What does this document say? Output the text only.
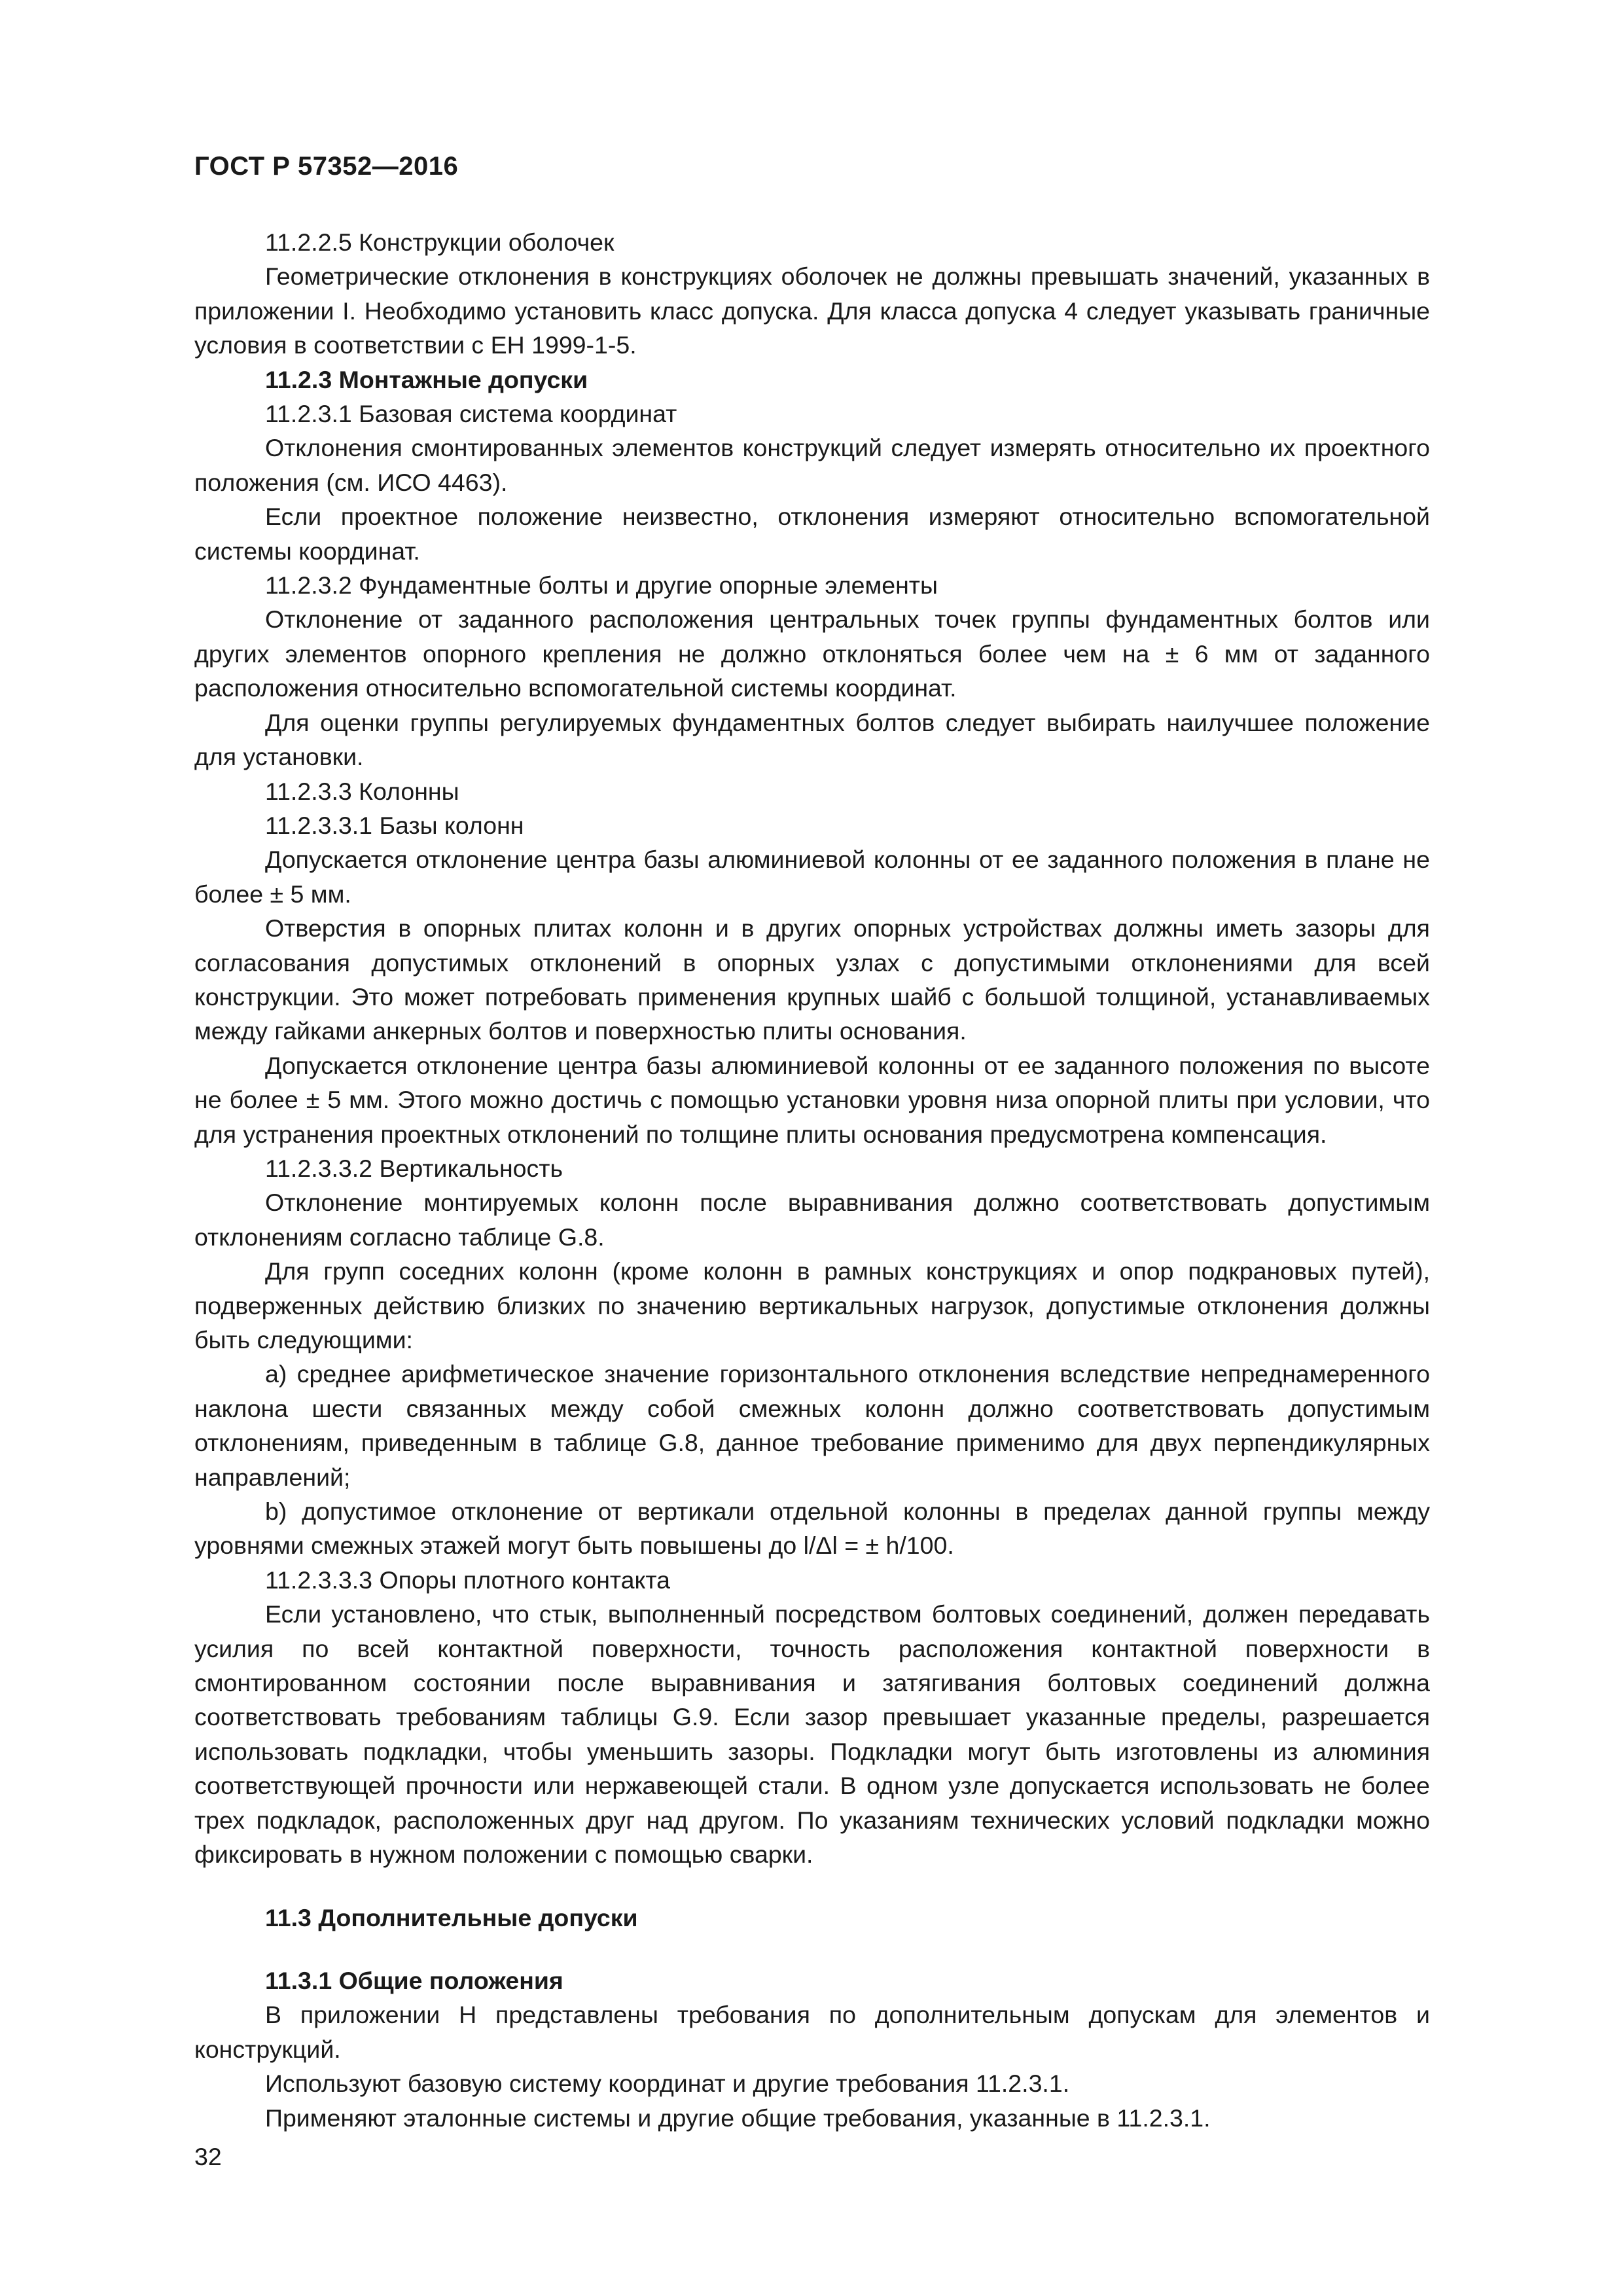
ГОСТ Р 57352—2016

11.2.2.5 Конструкции оболочек

Геометрические отклонения в конструкциях оболочек не должны превышать значений, указанных в приложении I. Необходимо установить класс допуска. Для класса допуска 4 следует указывать граничные условия в соответствии с ЕН 1999-1-5.

11.2.3 Монтажные допуски

11.2.3.1 Базовая система координат

Отклонения смонтированных элементов конструкций следует измерять относительно их проектного положения (см. ИСО 4463).

Если проектное положение неизвестно, отклонения измеряют относительно вспомогательной системы координат.

11.2.3.2 Фундаментные болты и другие опорные элементы

Отклонение от заданного расположения центральных точек группы фундаментных болтов или других элементов опорного крепления не должно отклоняться более чем на ± 6 мм от заданного расположения относительно вспомогательной системы координат.

Для оценки группы регулируемых фундаментных болтов следует выбирать наилучшее положение для установки.

11.2.3.3 Колонны

11.2.3.3.1 Базы колонн

Допускается отклонение центра базы алюминиевой колонны от ее заданного положения в плане не более ± 5 мм.

Отверстия в опорных плитах колонн и в других опорных устройствах должны иметь зазоры для согласования допустимых отклонений в опорных узлах с допустимыми отклонениями для всей конструкции. Это может потребовать применения крупных шайб с большой толщиной, устанавливаемых между гайками анкерных болтов и поверхностью плиты основания.

Допускается отклонение центра базы алюминиевой колонны от ее заданного положения по высоте не более ± 5 мм. Этого можно достичь с помощью установки уровня низа опорной плиты при условии, что для устранения проектных отклонений по толщине плиты основания предусмотрена компенсация.

11.2.3.3.2 Вертикальность

Отклонение монтируемых колонн после выравнивания должно соответствовать допустимым отклонениям согласно таблице G.8.

Для групп соседних колонн (кроме колонн в рамных конструкциях и опор подкрановых путей), подверженных действию близких по значению вертикальных нагрузок, допустимые отклонения должны быть следующими:

a) среднее арифметическое значение горизонтального отклонения вследствие непреднамеренного наклона шести связанных между собой смежных колонн должно соответствовать допустимым отклонениям, приведенным в таблице G.8, данное требование применимо для двух перпендикулярных направлений;

b) допустимое отклонение от вертикали отдельной колонны в пределах данной группы между уровнями смежных этажей могут быть повышены до l/Δl = ± h/100.

11.2.3.3.3 Опоры плотного контакта

Если установлено, что стык, выполненный посредством болтовых соединений, должен передавать усилия по всей контактной поверхности, точность расположения контактной поверхности в смонтированном состоянии после выравнивания и затягивания болтовых соединений должна соответствовать требованиям таблицы G.9. Если зазор превышает указанные пределы, разрешается использовать подкладки, чтобы уменьшить зазоры. Подкладки могут быть изготовлены из алюминия соответствующей прочности или нержавеющей стали. В одном узле допускается использовать не более трех подкладок, расположенных друг над другом. По указаниям технических условий подкладки можно фиксировать в нужном положении с помощью сварки.

11.3 Дополнительные допуски

11.3.1 Общие положения

В приложении Н представлены требования по дополнительным допускам для элементов и конструкций.

Используют базовую систему координат и другие требования 11.2.3.1.

Применяют эталонные системы и другие общие требования, указанные в 11.2.3.1.

32
